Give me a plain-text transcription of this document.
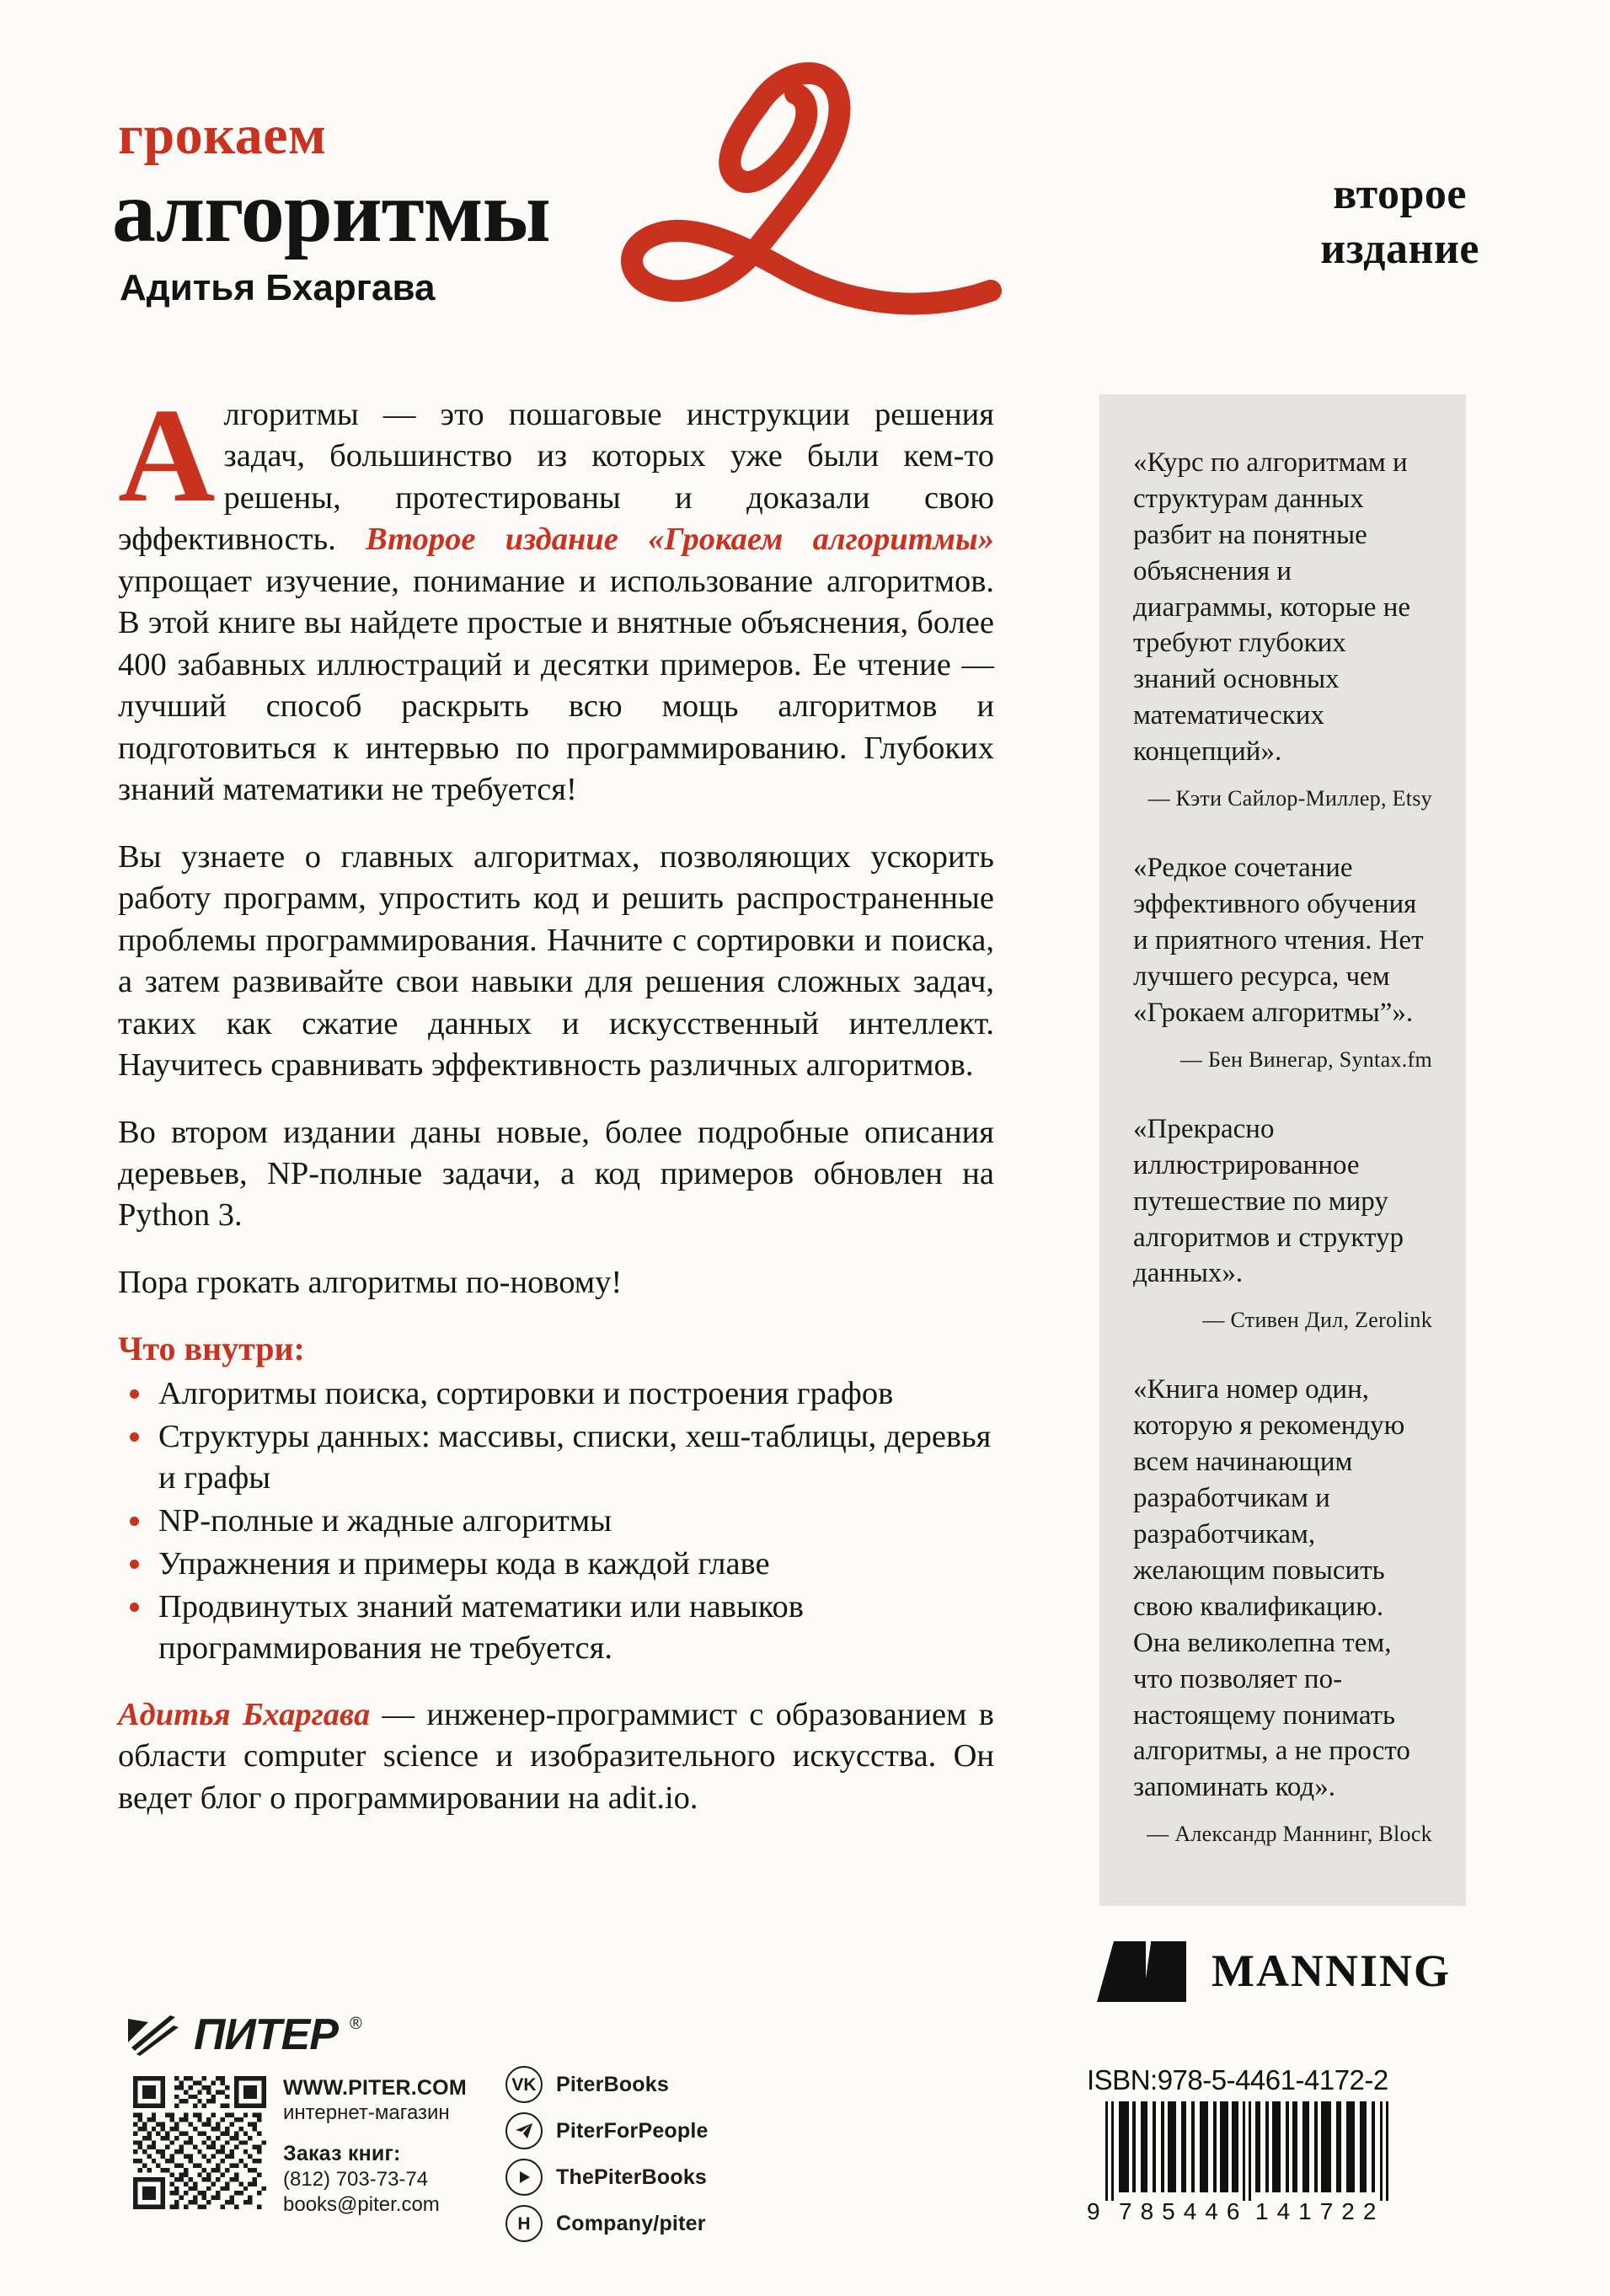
грокаем
алгоритмы
Адитья Бхаргава
второе
издание

Алгоритмы — это пошаговые инструкции решения задач, большинство из которых уже были кем-то решены, протестированы и доказали свою эффективность. Второе издание «Грокаем алгоритмы» упрощает изучение, понимание и использование алгоритмов. В этой книге вы найдете простые и внятные объяснения, более 400 забавных иллюстраций и десятки примеров. Ее чтение — лучший способ раскрыть всю мощь алгоритмов и подготовиться к интервью по программированию. Глубоких знаний математики не требуется!

Вы узнаете о главных алгоритмах, позволяющих ускорить работу программ, упростить код и решить распространенные проблемы программирования. Начните с сортировки и поиска, а затем развивайте свои навыки для решения сложных задач, таких как сжатие данных и искусственный интеллект. Научитесь сравнивать эффективность различных алгоритмов.

Во втором издании даны новые, более подробные описания деревьев, NP-полные задачи, а код примеров обновлен на Python 3.

Пора грокать алгоритмы по-новому!

Что внутри:
Алгоритмы поиска, сортировки и построения графов
Структуры данных: массивы, списки, хеш-таблицы, деревья и графы
NP-полные и жадные алгоритмы
Упражнения и примеры кода в каждой главе
Продвинутых знаний математики или навыков программирования не требуется.

Адитья Бхаргава — инженер-программист с образованием в области computer science и изобразительного искусства. Он ведет блог о программировании на adit.io.

«Курс по алгоритмам и структурам данных разбит на понятные объяснения и диаграммы, которые не требуют глубоких знаний основных математических концепций».

— Кэти Сайлор-Миллер, Etsy

«Редкое сочетание эффективного обучения и приятного чтения. Нет лучшего ресурса, чем «Грокаем алгоритмы”».

— Бен Винегар, Syntax.fm

«Прекрасно иллюстрированное путешествие по миру алгоритмов и структур данных».

— Стивен Дил, Zerolink

«Книга номер один, которую я рекомендую всем начинающим разработчикам и разработчикам, желающим повысить свою квалификацию. Она великолепна тем, что позволяет по-настоящему понимать алгоритмы, а не просто запоминать код».

— Александр Маннинг, Block

ПИТЕР ®
WWW.PITER.COM
интернет-магазин
Заказ книг:
(812) 703-73-74
books@piter.com
VK PiterBooks
PiterForPeople
ThePiterBooks
H Company/piter
MANNING
ISBN:978-5-4461-4172-2
9 785446 141722
